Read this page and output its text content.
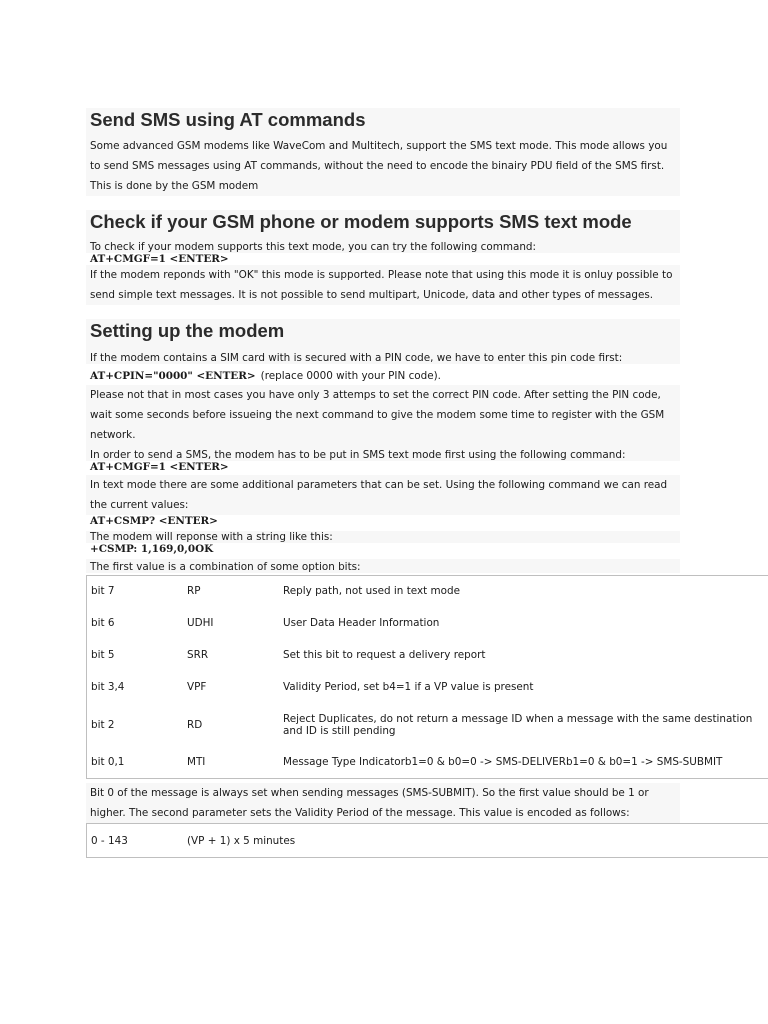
Send SMS using AT commands

Some advanced GSM modems like WaveCom and Multitech, support the SMS text mode. This mode allows you to send SMS messages using AT commands, without the need to encode the binairy PDU field of the SMS first. This is done by the GSM modem

Check if your GSM phone or modem supports SMS text mode

To check if your modem supports this text mode, you can try the following command:

AT+CMGF=1 <ENTER>

If the modem reponds with "OK" this mode is supported. Please note that using this mode it is onluy possible to send simple text messages. It is not possible to send multipart, Unicode, data and other types of messages.

Setting up the modem

If the modem contains a SIM card with is secured with a PIN code, we have to enter this pin code first:

AT+CPIN="0000" <ENTER> (replace 0000 with your PIN code).

Please not that in most cases you have only 3 attemps to set the correct PIN code. After setting the PIN code, wait some seconds before issueing the next command to give the modem some time to register with the GSM network.

In order to send a SMS, the modem has to be put in SMS text mode first using the following command:

AT+CMGF=1 <ENTER>

In text mode there are some additional parameters that can be set. Using the following command we can read the current values:

AT+CSMP? <ENTER>

The modem will reponse with a string like this:

+CSMP: 1,169,0,0OK

The first value is a combination of some option bits:

bit 7	RP	Reply path, not used in text mode
bit 6	UDHI	User Data Header Information
bit 5	SRR	Set this bit to request a delivery report
bit 3,4	VPF	Validity Period, set b4=1 if a VP value is present
bit 2	RD	Reject Duplicates, do not return a message ID when a message with the same destination and ID is still pending
bit 0,1	MTI	Message Type Indicatorb1=0 & b0=0 -> SMS-DELIVERb1=0 & b0=1 -> SMS-SUBMIT

Bit 0 of the message is always set when sending messages (SMS-SUBMIT). So the first value should be 1 or higher. The second parameter sets the Validity Period of the message. This value is encoded as follows:

0 - 143	(VP + 1) x 5 minutes
